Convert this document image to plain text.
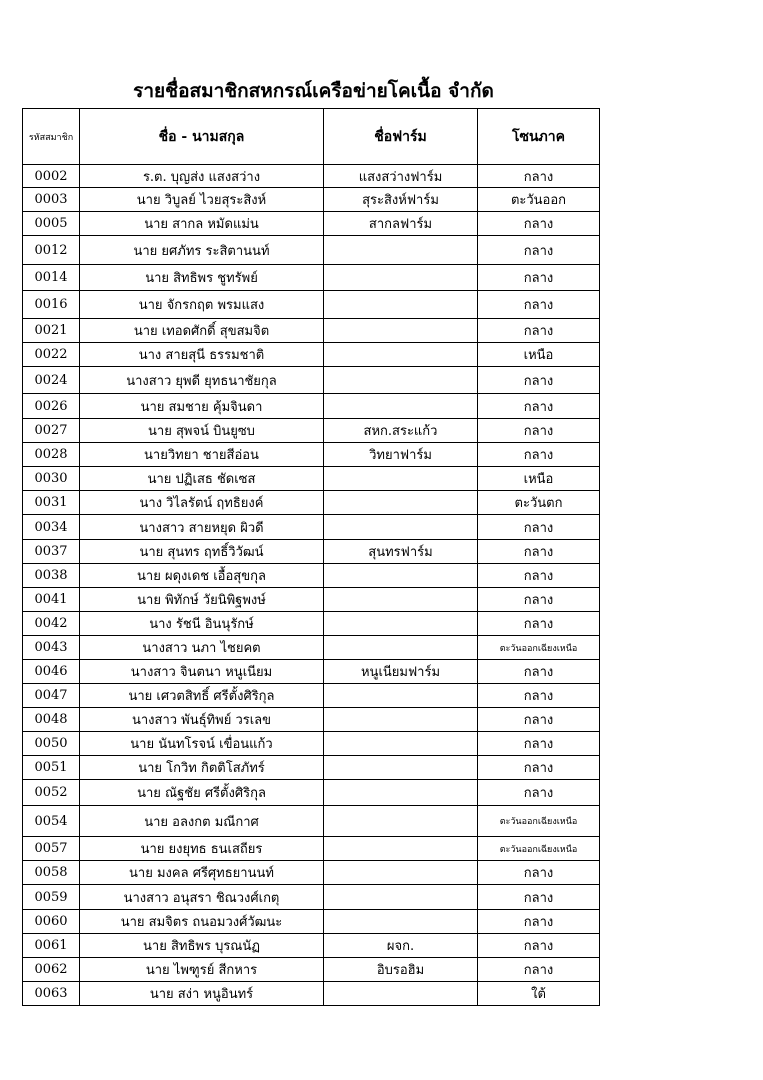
รายชื่อสมาชิกสหกรณ์เครือข่ายโคเนื้อ จำกัด
รหัสสมาชิก	ชื่อ - นามสกุล	ชื่อฟาร์ม	โซนภาค
0002	ร.ต. บุญส่ง แสงสว่าง	แสงสว่างฟาร์ม	กลาง
0003	นาย วิบูลย์ ไวยสุระสิงห์	สุระสิงห์ฟาร์ม	ตะวันออก
0005	นาย สากล หมัดแม่น	สากลฟาร์ม	กลาง
0012	นาย ยศภัทร ระสิตานนท์		กลาง
0014	นาย สิทธิพร ชูทรัพย์		กลาง
0016	นาย จักรกฤต พรมแสง		กลาง
0021	นาย เทอดศักดิ์ สุขสมจิต		กลาง
0022	นาง สายสุนี ธรรมชาติ		เหนือ
0024	นางสาว ยุพดี ยุทธนาชัยกุล		กลาง
0026	นาย สมชาย คุ้มจินดา		กลาง
0027	นาย สุพจน์ บินยูซบ	สหก.สระแก้ว	กลาง
0028	นายวิทยา ชายสีอ่อน	วิทยาฟาร์ม	กลาง
0030	นาย ปฏิเสธ ชัดเซส		เหนือ
0031	นาง วิไลรัตน์ ฤทธิยงค์		ตะวันตก
0034	นางสาว สายหยุด ผิวดี		กลาง
0037	นาย สุนทร ฤทธิ์วิวัฒน์	สุนทรฟาร์ม	กลาง
0038	นาย ผดุงเดช เอื้อสุขกุล		กลาง
0041	นาย พิทักษ์ วัยนิพิฐพงษ์		กลาง
0042	นาง รัชนี อินนุรักษ์		กลาง
0043	นางสาว นภา ไชยคต		ตะวันออกเฉียงเหนือ
0046	นางสาว จินตนา หนูเนียม	หนูเนียมฟาร์ม	กลาง
0047	นาย เศวตสิทธิ์ ศรีตั้งศิริกุล		กลาง
0048	นางสาว พันธุ์ทิพย์ วรเลข		กลาง
0050	นาย นันทโรจน์ เขื่อนแก้ว		กลาง
0051	นาย โกวิท กิตติโสภัทร์		กลาง
0052	นาย ณัฐชัย ศรีตั้งศิริกุล		กลาง
0054	นาย อลงกต มณีกาศ		ตะวันออกเฉียงเหนือ
0057	นาย ยงยุทธ ธนเสถียร		ตะวันออกเฉียงเหนือ
0058	นาย มงคล ศรีศุทธยานนท์		กลาง
0059	นางสาว อนุสรา ชิณวงศ์เกตุ		กลาง
0060	นาย สมจิตร ถนอมวงศ์วัฒนะ		กลาง
0061	นาย สิทธิพร บุรณนัฏ	ผจก.	กลาง
0062	นาย ไพฑูรย์ สีกหาร	อิบรอฮิม	กลาง
0063	นาย สง่า หนูอินทร์		ใต้
